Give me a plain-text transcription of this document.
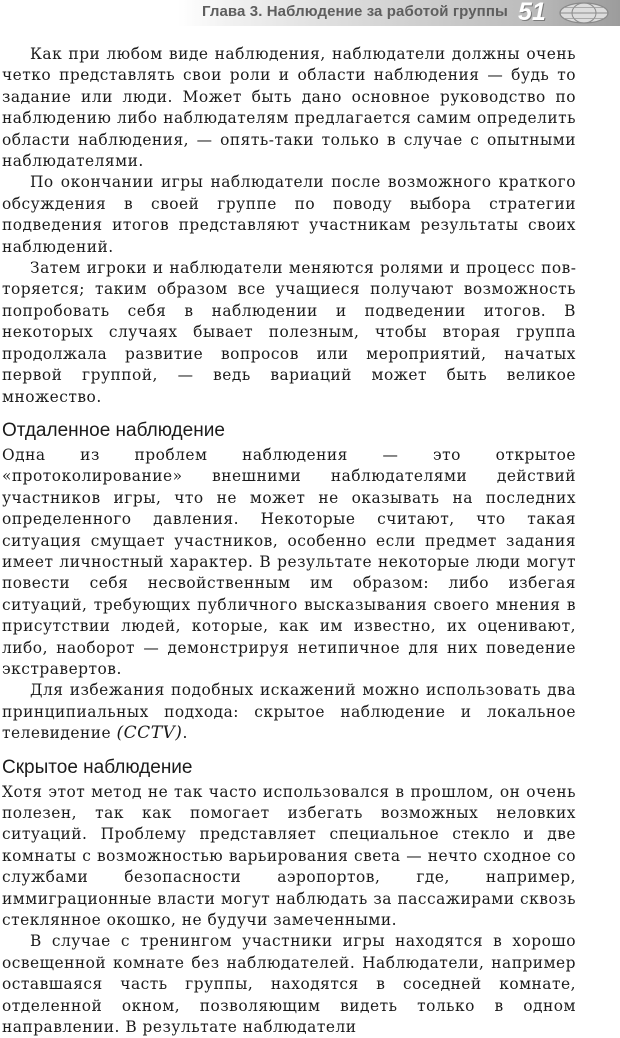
Глава 3. Наблюдение за работой группы 51

Как при любом виде наблюдения, наблюдатели должны очень четко представлять свои роли и области наблюдения — будь то задание или люди. Может быть дано основное руководство по наблюдению либо наблюдателям предлагается самим определить области наблюдения, — опять-таки только в случае с опытными наблюдателями.

По окончании игры наблюдатели после возможного краткого обсуждения в своей группе по поводу выбора стратегии подведения итогов представляют участникам результаты своих наблюдений.

Затем игроки и наблюдатели меняются ролями и процесс повторяется; таким образом все учащиеся получают возможность попробовать себя в наблюдении и подведении итогов. В некоторых случаях бывает полезным, чтобы вторая группа продолжала развитие вопросов или мероприятий, начатых первой группой, — ведь вариаций может быть великое множество.

Отдаленное наблюдение

Одна из проблем наблюдения — это открытое «протоколирование» внешними наблюдателями действий участников игры, что не может не оказывать на последних определенного давления. Некоторые считают, что такая ситуация смущает участников, особенно если предмет задания имеет личностный характер. В результате некоторые люди могут повести себя несвойственным им образом: либо избегая ситуаций, требующих публичного высказывания своего мнения в присутствии людей, которые, как им известно, их оценивают, либо, наоборот — демонстрируя нетипичное для них поведение экстравертов.

Для избежания подобных искажений можно использовать два принципиальных подхода: скрытое наблюдение и локальное телевидение (CCTV).

Скрытое наблюдение

Хотя этот метод не так часто использовался в прошлом, он очень полезен, так как помогает избегать возможных неловких ситуаций. Проблему представляет специальное стекло и две комнаты с возможностью варьирования света — нечто сходное со службами безопасности аэропортов, где, например, иммиграционные власти могут наблюдать за пассажирами сквозь стеклянное окошко, не будучи замеченными.

В случае с тренингом участники игры находятся в хорошо освещенной комнате без наблюдателей. Наблюдатели, например оставшаяся часть группы, находятся в соседней комнате, отделенной окном, позволяющим видеть только в одном направлении. В результате наблюдатели
